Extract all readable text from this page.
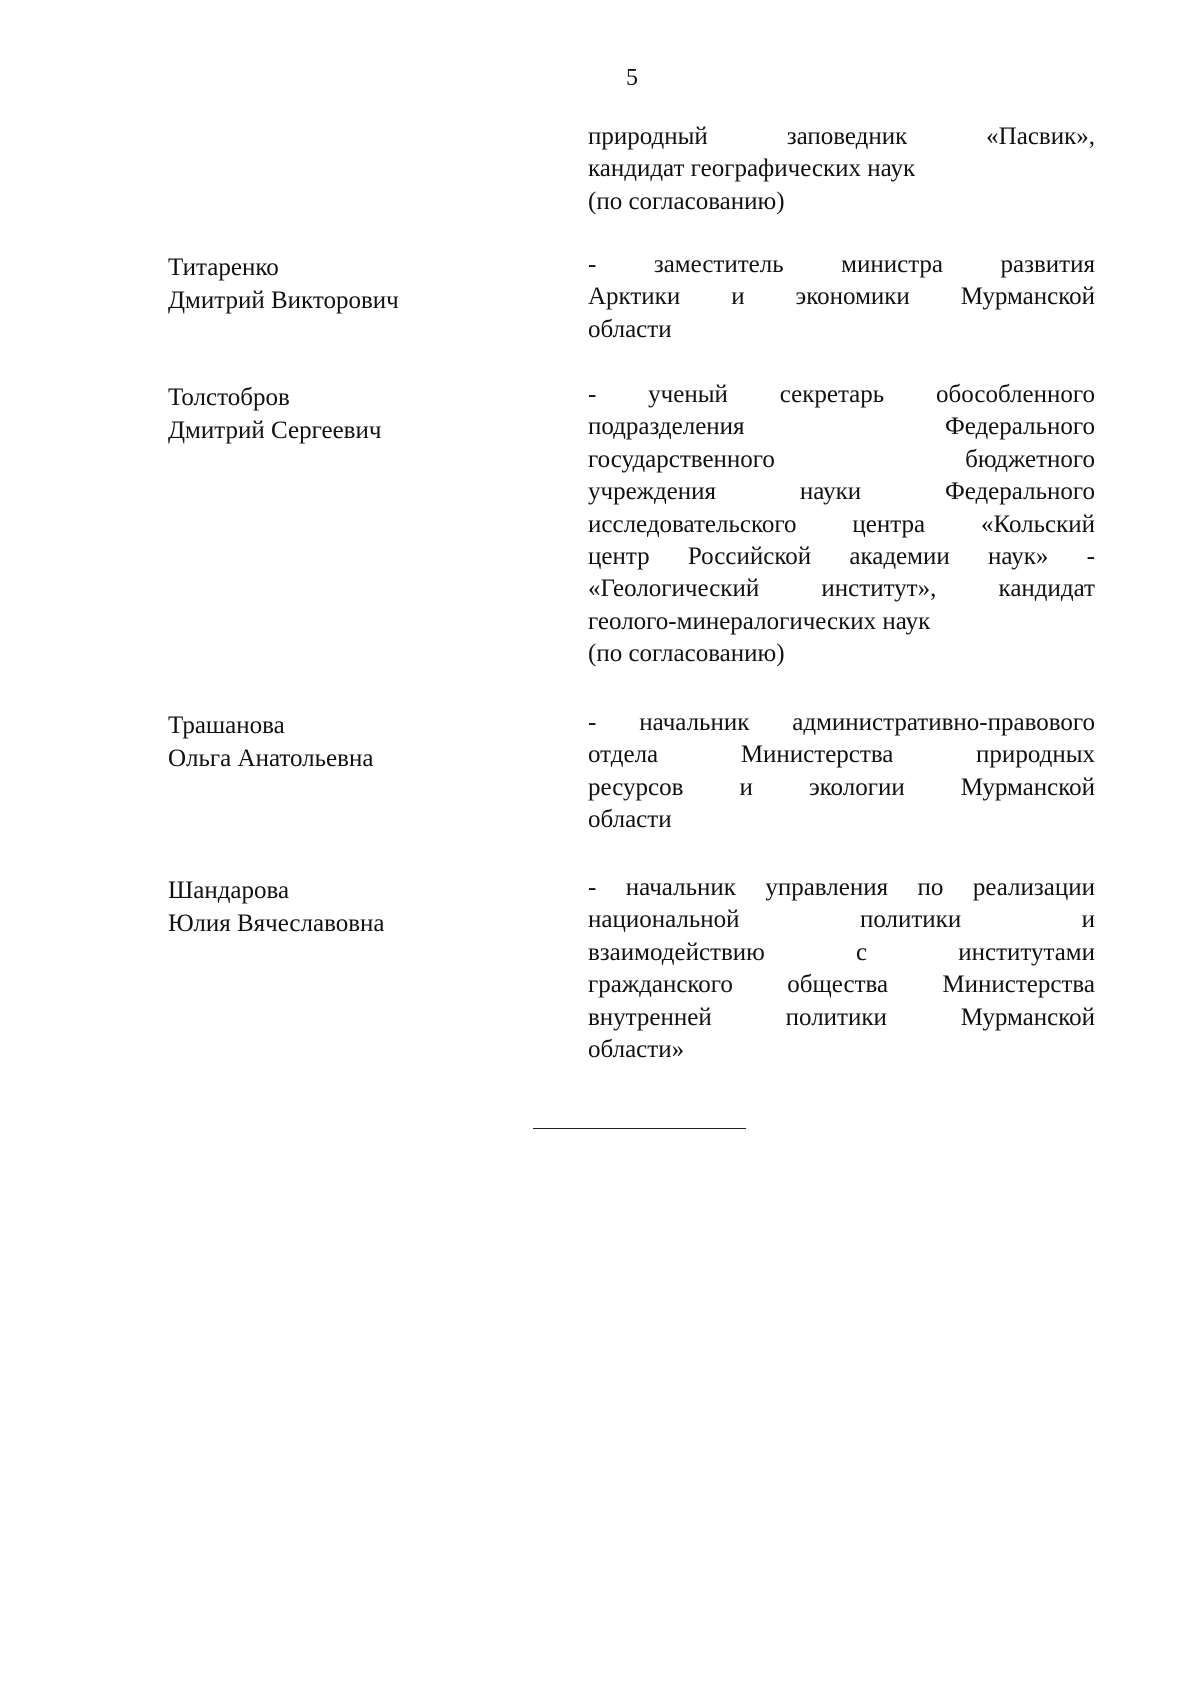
5
природный заповедник «Пасвик»,
кандидат географических наук
(по согласованию)
Титаренко
Дмитрий Викторович
- заместитель министра развития
Арктики и экономики Мурманской
области
Толстобров
Дмитрий Сергеевич
- ученый секретарь обособленного
подразделения Федерального
государственного бюджетного
учреждения науки Федерального
исследовательского центра «Кольский
центр Российской академии наук» -
«Геологический институт», кандидат
геолого-минералогических наук
(по согласованию)
Трашанова
Ольга Анатольевна
- начальник административно-правового
отдела Министерства природных
ресурсов и экологии Мурманской
области
Шандарова
Юлия Вячеславовна
- начальник управления по реализации
национальной политики и
взаимодействию с институтами
гражданского общества Министерства
внутренней политики Мурманской
области»
